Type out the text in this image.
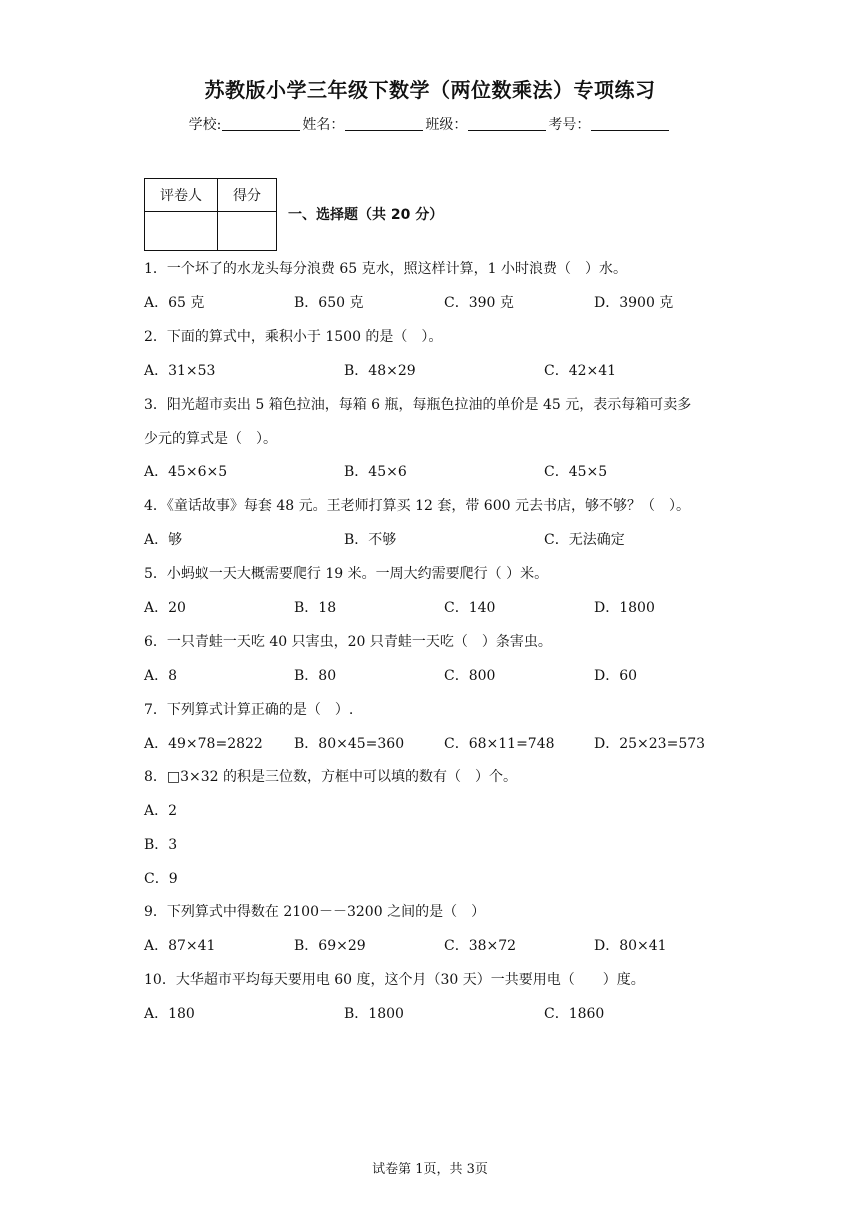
苏教版小学三年级下数学（两位数乘法）专项练习
学校:	姓名：	班级：	考号：
评卷人	得分

一、选择题（共 20 分）
1．一个坏了的水龙头每分浪费 65 克水，照这样计算，1 小时浪费（　）水。
A．65 克	B．650 克	C．390 克	D．3900 克
2．下面的算式中，乘积小于 1500 的是（　）。
A．31×53	B．48×29	C．42×41
3．阳光超市卖出 5 箱色拉油，每箱 6 瓶，每瓶色拉油的单价是 45 元，表示每箱可卖多
少元的算式是（　）。
A．45×6×5	B．45×6	C．45×5
4．《童话故事》每套 48 元。王老师打算买 12 套，带 600 元去书店，够不够？（　）。
A．够	B．不够	C．无法确定
5．小蚂蚁一天大概需要爬行 19 米。一周大约需要爬行（ ）米。
A．20	B．18	C．140	D．1800
6．一只青蛙一天吃 40 只害虫，20 只青蛙一天吃（　）条害虫。
A．8	B．80	C．800	D．60
7．下列算式计算正确的是（　）.
A．49×78=2822 B．80×45=360	C．68×11=748	D．25×23=573
8．□3×32 的积是三位数，方框中可以填的数有（　）个。
A．2
B．3
C．9
9．下列算式中得数在 2100－－3200 之间的是（　）
A．87×41	B．69×29	C．38×72	D．80×41
10．大华超市平均每天要用电 60 度，这个月（30 天）一共要用电（　　）度。
A．180	B．1800	C．1860
试卷第 1页，共 3页
